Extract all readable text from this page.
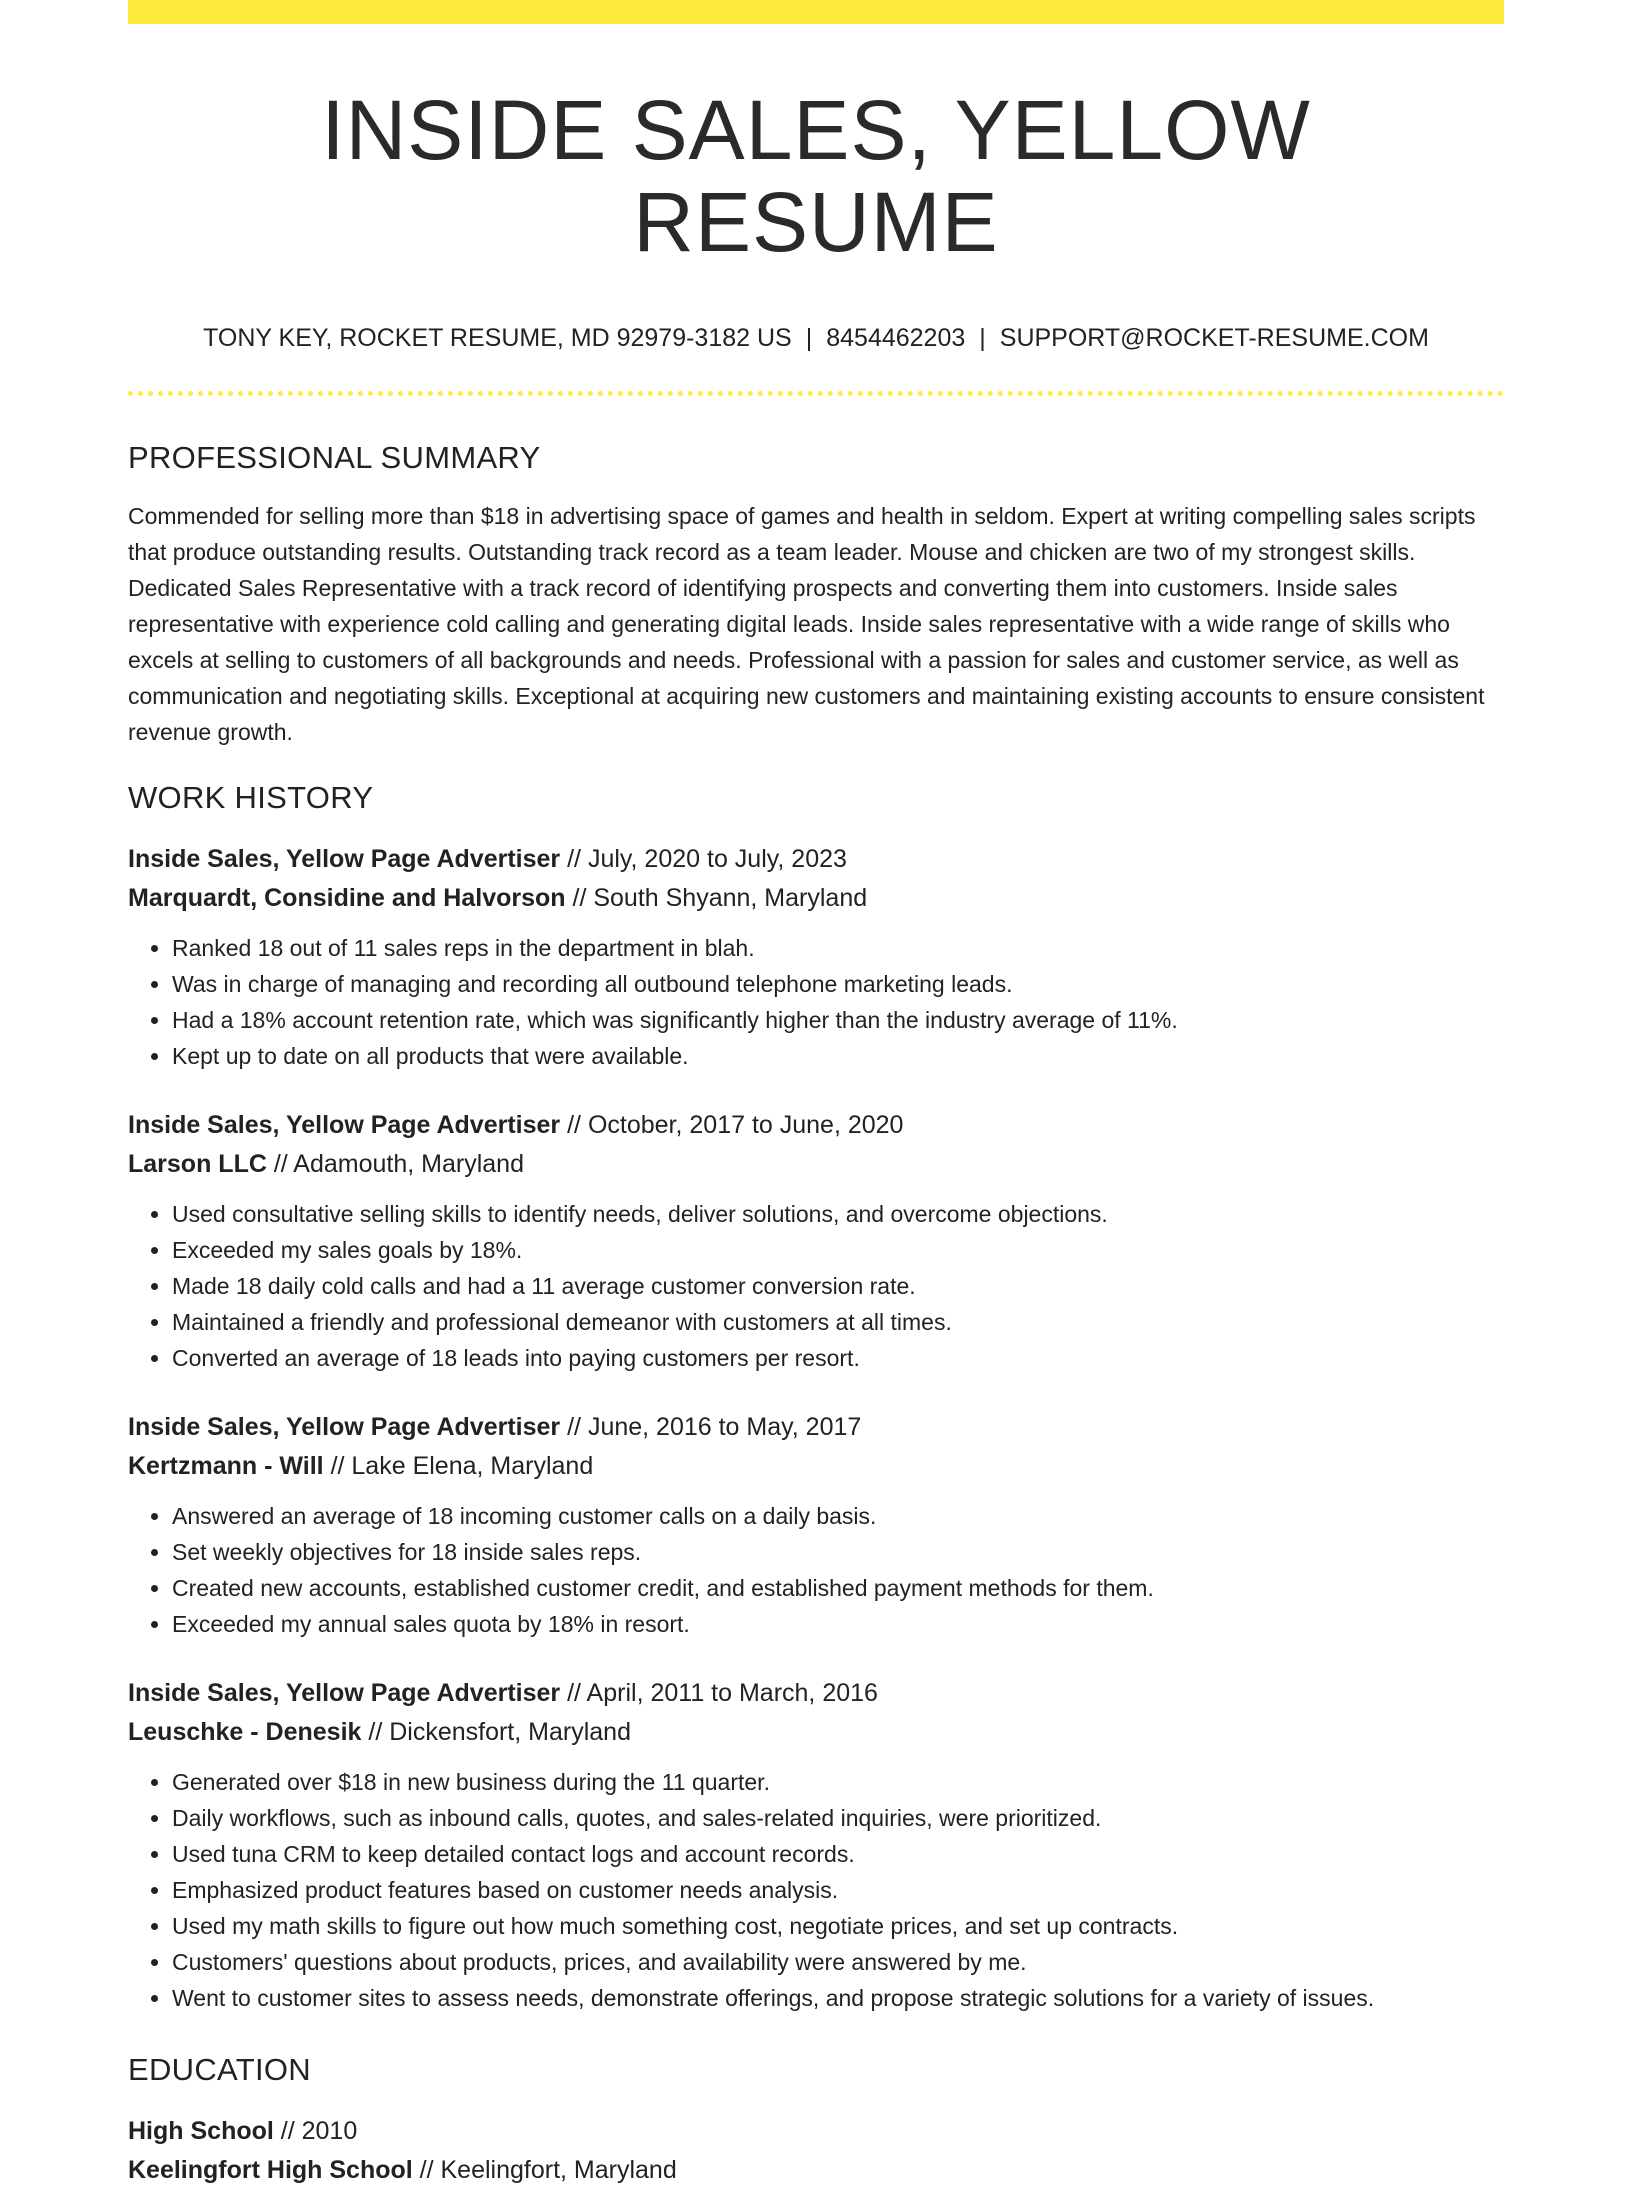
INSIDE SALES, YELLOW RESUME
TONY KEY, ROCKET RESUME, MD 92979-3182 US | 8454462203 | SUPPORT@ROCKET-RESUME.COM
PROFESSIONAL SUMMARY
Commended for selling more than $18 in advertising space of games and health in seldom. Expert at writing compelling sales scripts that produce outstanding results. Outstanding track record as a team leader. Mouse and chicken are two of my strongest skills. Dedicated Sales Representative with a track record of identifying prospects and converting them into customers. Inside sales representative with experience cold calling and generating digital leads. Inside sales representative with a wide range of skills who excels at selling to customers of all backgrounds and needs. Professional with a passion for sales and customer service, as well as communication and negotiating skills. Exceptional at acquiring new customers and maintaining existing accounts to ensure consistent revenue growth.
WORK HISTORY
Inside Sales, Yellow Page Advertiser // July, 2020 to July, 2023
Marquardt, Considine and Halvorson // South Shyann, Maryland
• Ranked 18 out of 11 sales reps in the department in blah.
• Was in charge of managing and recording all outbound telephone marketing leads.
• Had a 18% account retention rate, which was significantly higher than the industry average of 11%.
• Kept up to date on all products that were available.
Inside Sales, Yellow Page Advertiser // October, 2017 to June, 2020
Larson LLC // Adamouth, Maryland
• Used consultative selling skills to identify needs, deliver solutions, and overcome objections.
• Exceeded my sales goals by 18%.
• Made 18 daily cold calls and had a 11 average customer conversion rate.
• Maintained a friendly and professional demeanor with customers at all times.
• Converted an average of 18 leads into paying customers per resort.
Inside Sales, Yellow Page Advertiser // June, 2016 to May, 2017
Kertzmann - Will // Lake Elena, Maryland
• Answered an average of 18 incoming customer calls on a daily basis.
• Set weekly objectives for 18 inside sales reps.
• Created new accounts, established customer credit, and established payment methods for them.
• Exceeded my annual sales quota by 18% in resort.
Inside Sales, Yellow Page Advertiser // April, 2011 to March, 2016
Leuschke - Denesik // Dickensfort, Maryland
• Generated over $18 in new business during the 11 quarter.
• Daily workflows, such as inbound calls, quotes, and sales-related inquiries, were prioritized.
• Used tuna CRM to keep detailed contact logs and account records.
• Emphasized product features based on customer needs analysis.
• Used my math skills to figure out how much something cost, negotiate prices, and set up contracts.
• Customers' questions about products, prices, and availability were answered by me.
• Went to customer sites to assess needs, demonstrate offerings, and propose strategic solutions for a variety of issues.
EDUCATION
High School // 2010
Keelingfort High School // Keelingfort, Maryland
